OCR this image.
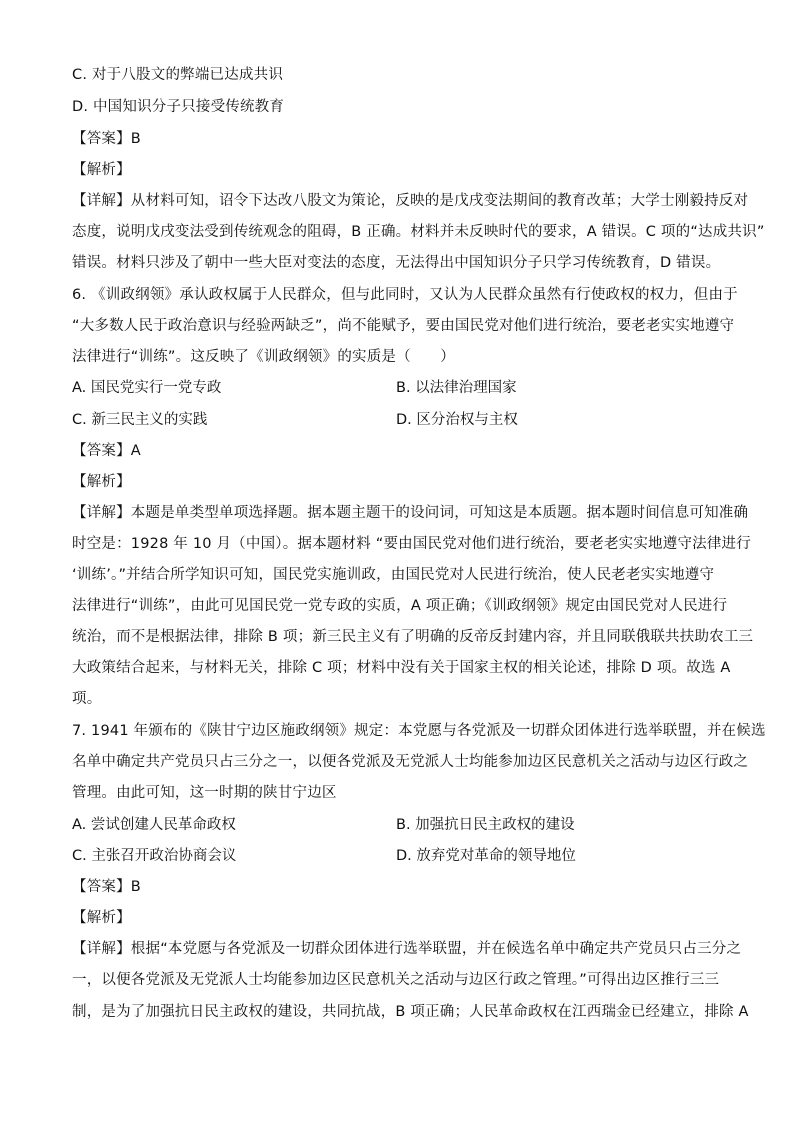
C. 对于八股文的弊端已达成共识
D. 中国知识分子只接受传统教育
【答案】B
【解析】
【详解】从材料可知，诏令下达改八股文为策论，反映的是戊戌变法期间的教育改革；大学士刚毅持反对
态度，说明戊戌变法受到传统观念的阻碍，B 正确。材料并未反映时代的要求，A 错误。C 项的“达成共识”
错误。材料只涉及了朝中一些大臣对变法的态度，无法得出中国知识分子只学习传统教育，D 错误。
6. 《训政纲领》承认政权属于人民群众，但与此同时，又认为人民群众虽然有行使政权的权力，但由于
“大多数人民于政治意识与经验两缺乏”，尚不能赋予，要由国民党对他们进行统治，要老老实实地遵守
法律进行“训练”。这反映了《训政纲领》的实质是（　　）
A. 国民党实行一党专政	B. 以法律治理国家
C. 新三民主义的实践	D. 区分治权与主权
【答案】A
【解析】
【详解】本题是单类型单项选择题。据本题主题干的设问词，可知这是本质题。据本题时间信息可知准确
时空是：1928 年 10 月（中国）。据本题材料 “要由国民党对他们进行统治，要老老实实地遵守法律进行
‘训练’。”并结合所学知识可知，国民党实施训政，由国民党对人民进行统治，使人民老老实实地遵守
法律进行“训练”，由此可见国民党一党专政的实质，A 项正确；《训政纲领》规定由国民党对人民进行
统治，而不是根据法律，排除 B 项；新三民主义有了明确的反帝反封建内容，并且同联俄联共扶助农工三
大政策结合起来，与材料无关，排除 C 项；材料中没有关于国家主权的相关论述，排除 D 项。故选 A
项。
7. 1941 年颁布的《陕甘宁边区施政纲领》规定：本党愿与各党派及一切群众团体进行选举联盟，并在候选
名单中确定共产党员只占三分之一，以便各党派及无党派人士均能参加边区民意机关之活动与边区行政之
管理。由此可知，这一时期的陕甘宁边区
A. 尝试创建人民革命政权	B. 加强抗日民主政权的建设
C. 主张召开政治协商会议	D. 放弃党对革命的领导地位
【答案】B
【解析】
【详解】根据“本党愿与各党派及一切群众团体进行选举联盟，并在候选名单中确定共产党员只占三分之
一，以便各党派及无党派人士均能参加边区民意机关之活动与边区行政之管理。”可得出边区推行三三
制，是为了加强抗日民主政权的建设，共同抗战，B 项正确；人民革命政权在江西瑞金已经建立，排除 A
